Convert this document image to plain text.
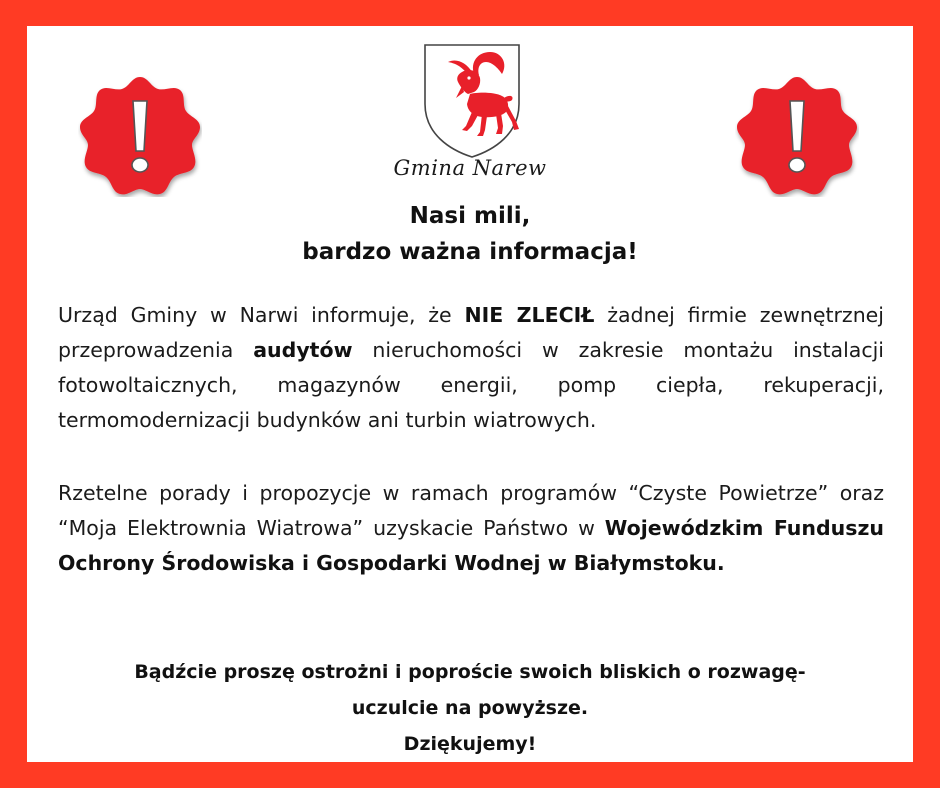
Gmina Narew
Nasi mili,
bardzo ważna informacja!
Urząd Gminy w Narwi informuje, że NIE ZLECIŁ żadnej firmie zewnętrznej przeprowadzenia audytów nieruchomości w zakresie montażu instalacji fotowoltaicznych, magazynów energii, pomp ciepła, rekuperacji, termomodernizacji budynków ani turbin wiatrowych.
Rzetelne porady i propozycje w ramach programów “Czyste Powietrze” oraz “Moja Elektrownia Wiatrowa” uzyskacie Państwo w Wojewódzkim Funduszu Ochrony Środowiska i Gospodarki Wodnej w Białymstoku.
Bądźcie proszę ostrożni i poproście swoich bliskich o rozwagę-
uczulcie na powyższe.
Dziękujemy!
